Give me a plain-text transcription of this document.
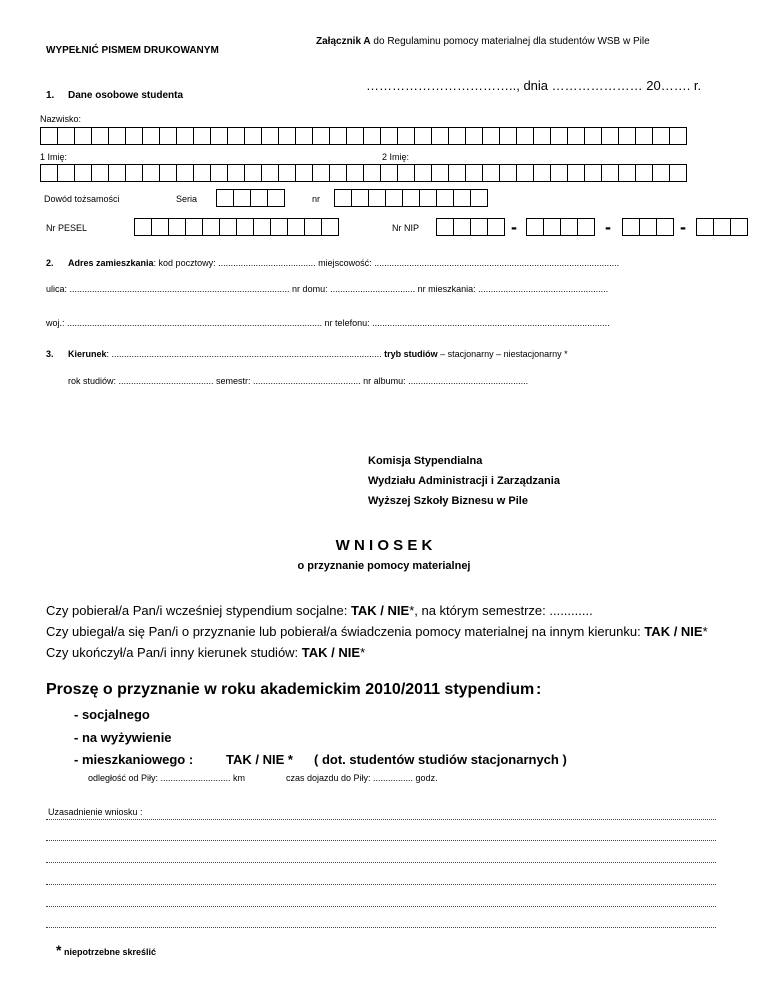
WYPEŁNIĆ PISMEM DRUKOWANYM
Załącznik A do Regulaminu pomocy materialnej dla studentów WSB w Pile
…………………………….., dnia ………………… 20……. r.
1. Dane osobowe studenta
Nazwisko:
1 Imię:	2 Imię:
Dowód tożsamości	Seria	nr
Nr PESEL	Nr NIP	-	-	-
2. Adres zamieszkania: kod pocztowy: ....................................... miejscowość: ..................................................................................................
ulica: ........................................................................................ nr domu: .................................. nr mieszkania: ....................................................
woj.: ...................................................................................................... nr telefonu: ...............................................................................................
3. Kierunek: ............................................................................................................ tryb studiów – stacjonarny – niestacjonarny *
rok studiów: ...................................... semestr: ........................................... nr albumu: ................................................
Komisja Stypendialna
Wydziału Administracji i Zarządzania
Wyższej Szkoły Biznesu w Pile
W N I O S E K
o przyznanie pomocy materialnej
Czy pobierał/a Pan/i wcześniej stypendium socjalne: TAK / NIE*, na którym semestrze: ............
Czy ubiegał/a się Pan/i o przyznanie lub pobierał/a świadczenia pomocy materialnej na innym kierunku: TAK / NIE*
Czy ukończył/a Pan/i inny kierunek studiów: TAK / NIE*
Proszę o przyznanie w roku akademickim 2010/2011 stypendium :
- socjalnego
- na wyżywienie
- mieszkaniowego :	TAK / NIE * ( dot. studentów studiów stacjonarnych )
odległość od Piły: ............................ km	czas dojazdu do Piły: ................ godz.
Uzasadnienie wniosku :
* niepotrzebne skreślić
